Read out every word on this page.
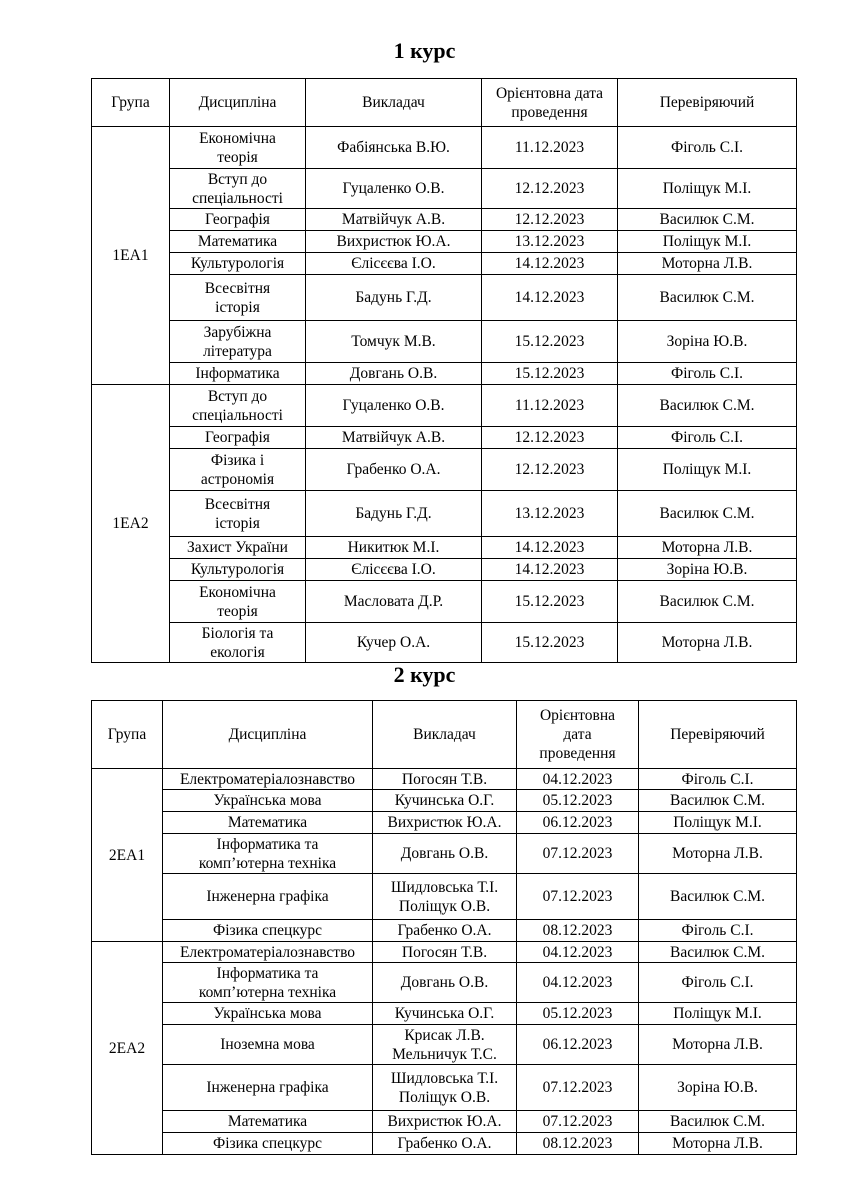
1 курс
Група	Дисципліна	Викладач	Орієнтовна дата
проведення	Перевіряючий
1ЕА1	Економічна
теорія	Фабіянська В.Ю.	11.12.2023	Фіголь С.І.
	Вступ до
спеціальності	Гуцаленко О.В.	12.12.2023	Поліщук М.І.
	Географія	Матвійчук А.В.	12.12.2023	Василюк С.М.
	Математика	Вихристюк Ю.А.	13.12.2023	Поліщук М.І.
	Культурологія	Єлісєєва І.О.	14.12.2023	Моторна Л.В.
	Всесвітня
історія	Бадунь Г.Д.	14.12.2023	Василюк С.М.
	Зарубіжна
література	Томчук М.В.	15.12.2023	Зоріна Ю.В.
	Інформатика	Довгань О.В.	15.12.2023	Фіголь С.І.
1ЕА2	Вступ до
спеціальності	Гуцаленко О.В.	11.12.2023	Василюк С.М.
	Географія	Матвійчук А.В.	12.12.2023	Фіголь С.І.
	Фізика і
астрономія	Грабенко О.А.	12.12.2023	Поліщук М.І.
	Всесвітня
історія	Бадунь Г.Д.	13.12.2023	Василюк С.М.
	Захист України	Никитюк М.І.	14.12.2023	Моторна Л.В.
	Культурологія	Єлісєєва І.О.	14.12.2023	Зоріна Ю.В.
	Економічна
теорія	Масловата Д.Р.	15.12.2023	Василюк С.М.
	Біологія та
екологія	Кучер О.А.	15.12.2023	Моторна Л.В.
2 курс
Група	Дисципліна	Викладач	Орієнтовна
дата
проведення	Перевіряючий
2ЕА1	Електроматеріалознавство	Погосян Т.В.	04.12.2023	Фіголь С.І.
	Українська мова	Кучинська О.Г.	05.12.2023	Василюк С.М.
	Математика	Вихристюк Ю.А.	06.12.2023	Поліщук М.І.
	Інформатика та
комп’ютерна техніка	Довгань О.В.	07.12.2023	Моторна Л.В.
	Інженерна графіка	Шидловська Т.І.
Поліщук О.В.	07.12.2023	Василюк С.М.
	Фізика спецкурс	Грабенко О.А.	08.12.2023	Фіголь С.І.
2ЕА2	Електроматеріалознавство	Погосян Т.В.	04.12.2023	Василюк С.М.
	Інформатика та
комп’ютерна техніка	Довгань О.В.	04.12.2023	Фіголь С.І.
	Українська мова	Кучинська О.Г.	05.12.2023	Поліщук М.І.
	Іноземна мова	Крисак Л.В.
Мельничук Т.С.	06.12.2023	Моторна Л.В.
	Інженерна графіка	Шидловська Т.І.
Поліщук О.В.	07.12.2023	Зоріна Ю.В.
	Математика	Вихристюк Ю.А.	07.12.2023	Василюк С.М.
	Фізика спецкурс	Грабенко О.А.	08.12.2023	Моторна Л.В.
